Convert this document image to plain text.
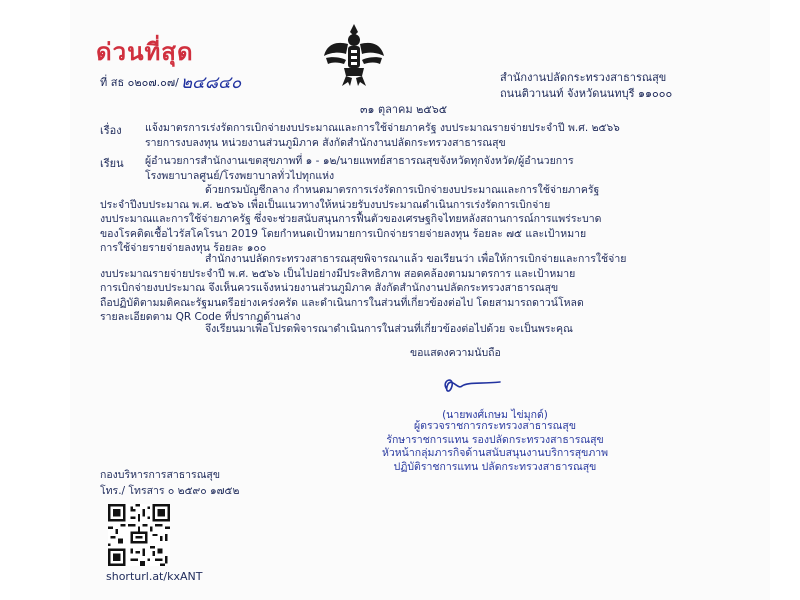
ด่วนที่สุด
ที่ สธ ๐๒๐๗.๐๗/ ๒๔๘๔๐	สำนักงานปลัดกระทรวงสาธารณสุข
ถนนติวานนท์ จังหวัดนนทบุรี ๑๑๐๐๐
๓๑ ตุลาคม ๒๕๖๕
เรื่อง แจ้งมาตรการเร่งรัดการเบิกจ่ายงบประมาณและการใช้จ่ายภาครัฐ งบประมาณรายจ่ายประจำปี พ.ศ. ๒๕๖๖
รายการงบลงทุน หน่วยงานส่วนภูมิภาค สังกัดสำนักงานปลัดกระทรวงสาธารณสุข
เรียน ผู้อำนวยการสำนักงานเขตสุขภาพที่ ๑ - ๑๒/นายแพทย์สาธารณสุขจังหวัดทุกจังหวัด/ผู้อำนวยการ
โรงพยาบาลศูนย์/โรงพยาบาลทั่วไปทุกแห่ง
ด้วยกรมบัญชีกลาง กำหนดมาตรการเร่งรัดการเบิกจ่ายงบประมาณและการใช้จ่ายภาครัฐ
ประจำปีงบประมาณ พ.ศ. ๒๕๖๖ เพื่อเป็นแนวทางให้หน่วยรับงบประมาณดำเนินการเร่งรัดการเบิกจ่าย
งบประมาณและการใช้จ่ายภาครัฐ ซึ่งจะช่วยสนับสนุนการฟื้นตัวของเศรษฐกิจไทยหลังสถานการณ์การแพร่ระบาด
ของโรคติดเชื้อไวรัสโคโรนา 2019 โดยกำหนดเป้าหมายการเบิกจ่ายรายจ่ายลงทุน ร้อยละ ๗๕ และเป้าหมาย
การใช้จ่ายรายจ่ายลงทุน ร้อยละ ๑๐๐
สำนักงานปลัดกระทรวงสาธารณสุขพิจารณาแล้ว ขอเรียนว่า เพื่อให้การเบิกจ่ายและการใช้จ่าย
งบประมาณรายจ่ายประจำปี พ.ศ. ๒๕๖๖ เป็นไปอย่างมีประสิทธิภาพ สอดคล้องตามมาตรการ และเป้าหมาย
การเบิกจ่ายงบประมาณ จึงเห็นควรแจ้งหน่วยงานส่วนภูมิภาค สังกัดสำนักงานปลัดกระทรวงสาธารณสุข
ถือปฏิบัติตามมติคณะรัฐมนตรีอย่างเคร่งครัด และดำเนินการในส่วนที่เกี่ยวข้องต่อไป โดยสามารถดาวน์โหลด
รายละเอียดตาม QR Code ที่ปรากฏด้านล่าง
จึงเรียนมาเพื่อโปรดพิจารณาดำเนินการในส่วนที่เกี่ยวข้องต่อไปด้วย จะเป็นพระคุณ
ขอแสดงความนับถือ
(นายพงศ์เกษม ไข่มุกด์)
ผู้ตรวจราชการกระทรวงสาธารณสุข
รักษาราชการแทน รองปลัดกระทรวงสาธารณสุข
หัวหน้ากลุ่มภารกิจด้านสนับสนุนงานบริการสุขภาพ
ปฏิบัติราชการแทน ปลัดกระทรวงสาธารณสุข
กองบริหารการสาธารณสุข
โทร./ โทรสาร ๐ ๒๕๙๐ ๑๗๕๒
shorturl.at/kxANT
